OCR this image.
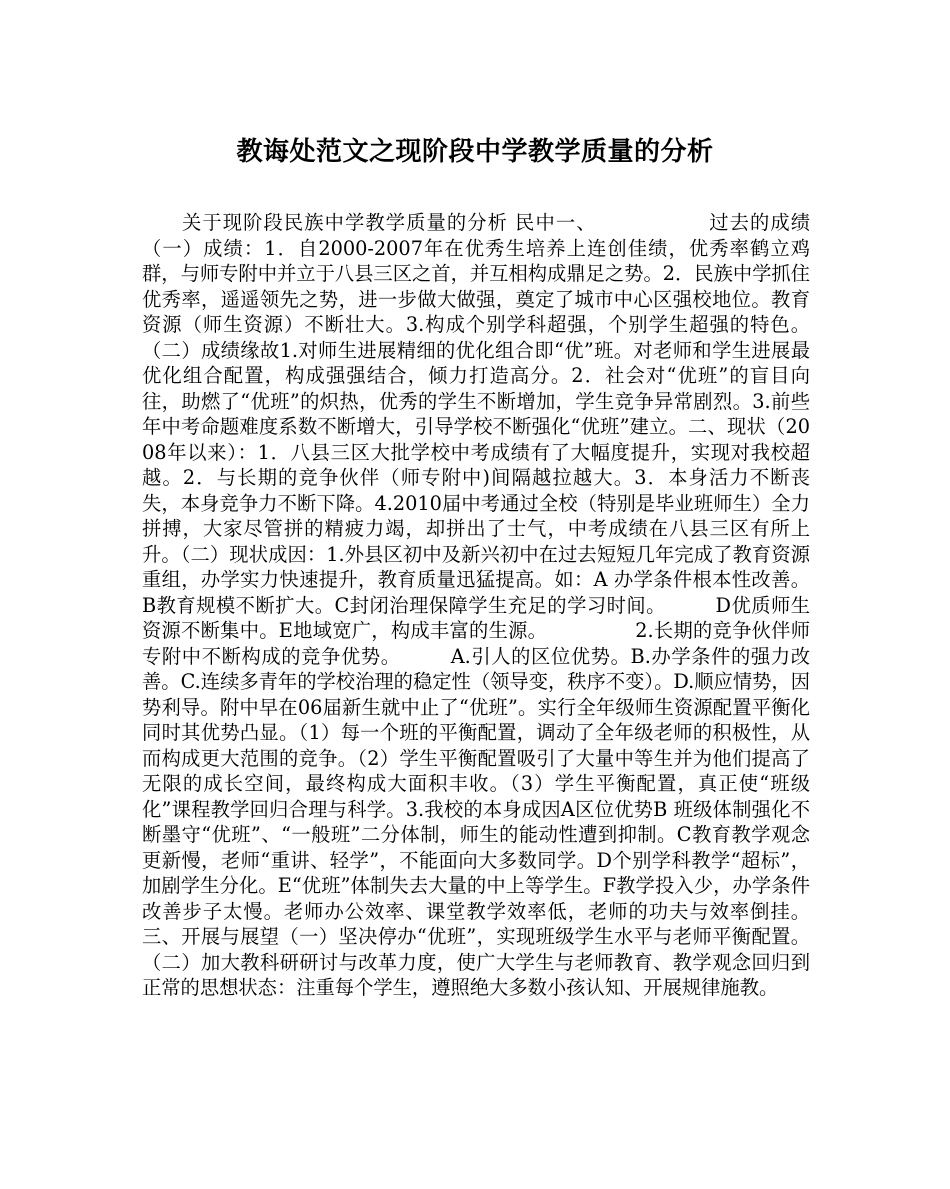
教诲处范文之现阶段中学教学质量的分析

关于现阶段民族中学教学质量的分析 民中一、　　　　　　过去的成绩（一）成绩：1．自2000-2007年在优秀生培养上连创佳绩，优秀率鹤立鸡群，与师专附中并立于八县三区之首，并互相构成鼎足之势。2．民族中学抓住优秀率，遥遥领先之势，进一步做大做强，奠定了城市中心区强校地位。教育资源（师生资源）不断壮大。3.构成个别学科超强，个别学生超强的特色。（二）成绩缘故1.对师生进展精细的优化组合即“优”班。对老师和学生进展最优化组合配置，构成强强结合，倾力打造高分。2．社会对“优班”的盲目向往，助燃了“优班”的炽热，优秀的学生不断增加，学生竞争异常剧烈。3.前些年中考命题难度系数不断增大，引导学校不断强化“优班”建立。二、现状（2008年以来）：1．八县三区大批学校中考成绩有了大幅度提升，实现对我校超越。2．与长期的竞争伙伴（师专附中)间隔越拉越大。3．本身活力不断丧失，本身竞争力不断下降。4.2010届中考通过全校（特别是毕业班师生）全力拼搏，大家尽管拼的精疲力竭，却拼出了士气，中考成绩在八县三区有所上升。（二）现状成因：1.外县区初中及新兴初中在过去短短几年完成了教育资源重组，办学实力快速提升，教育质量迅猛提高。如：A 办学条件根本性改善。B教育规模不断扩大。C封闭治理保障学生充足的学习时间。　　　D优质师生资源不断集中。E地域宽广，构成丰富的生源。　　　　　2.长期的竞争伙伴师专附中不断构成的竞争优势。　　　A.引人的区位优势。B.办学条件的强力改善。C.连续多青年的学校治理的稳定性（领导变，秩序不变）。D.顺应情势，因势利导。附中早在06届新生就中止了“优班”。实行全年级师生资源配置平衡化同时其优势凸显。（1）每一个班的平衡配置，调动了全年级老师的积极性，从而构成更大范围的竞争。（2）学生平衡配置吸引了大量中等生并为他们提高了无限的成长空间，最终构成大面积丰收。（3）学生平衡配置，真正使“班级化”课程教学回归合理与科学。3.我校的本身成因A区位优势B 班级体制强化不断墨守“优班”、“一般班”二分体制，师生的能动性遭到抑制。C教育教学观念更新慢，老师“重讲、轻学”，不能面向大多数同学。D个别学科教学“超标”，加剧学生分化。E“优班”体制失去大量的中上等学生。F教学投入少，办学条件改善步子太慢。老师办公效率、课堂教学效率低，老师的功夫与效率倒挂。三、开展与展望（一）坚决停办“优班”，实现班级学生水平与老师平衡配置。（二）加大教科研研讨与改革力度，使广大学生与老师教育、教学观念回归到正常的思想状态：注重每个学生，遵照绝大多数小孩认知、开展规律施教。
